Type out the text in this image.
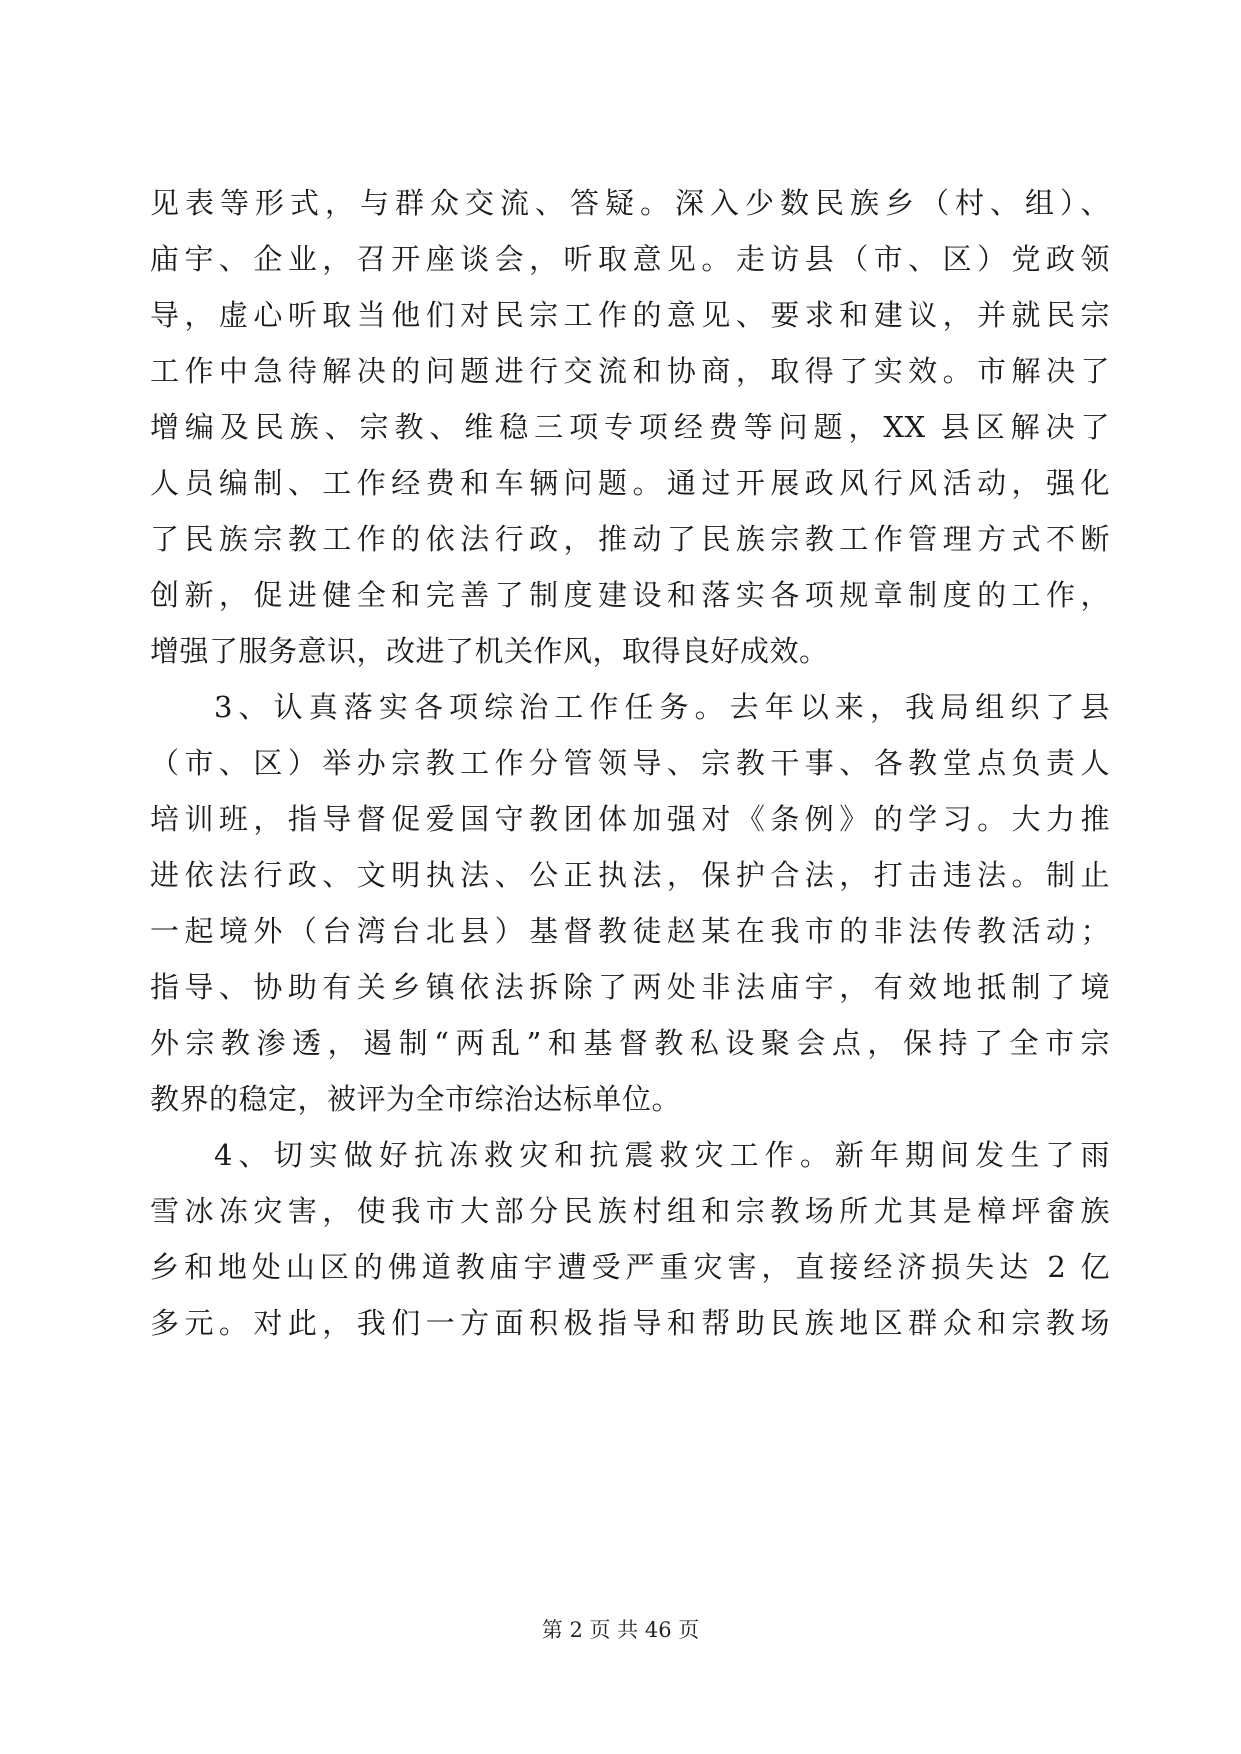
见表等形式，与群众交流、答疑。深入少数民族乡（村、组）、
庙宇、企业，召开座谈会，听取意见。走访县（市、区）党政领
导，虚心听取当他们对民宗工作的意见、要求和建议，并就民宗
工作中急待解决的问题进行交流和协商，取得了实效。市解决了
增编及民族、宗教、维稳三项专项经费等问题，XX 县区解决了
人员编制、工作经费和车辆问题。通过开展政风行风活动，强化
了民族宗教工作的依法行政，推动了民族宗教工作管理方式不断
创新，促进健全和完善了制度建设和落实各项规章制度的工作，
增强了服务意识，改进了机关作风，取得良好成效。
3、认真落实各项综治工作任务。去年以来，我局组织了县
（市、区）举办宗教工作分管领导、宗教干事、各教堂点负责人
培训班，指导督促爱国守教团体加强对《条例》的学习。大力推
进依法行政、文明执法、公正执法，保护合法，打击违法。制止
一起境外（台湾台北县）基督教徒赵某在我市的非法传教活动；
指导、协助有关乡镇依法拆除了两处非法庙宇，有效地抵制了境
外宗教渗透，遏制“两乱”和基督教私设聚会点，保持了全市宗
教界的稳定，被评为全市综治达标单位。
4、切实做好抗冻救灾和抗震救灾工作。新年期间发生了雨
雪冰冻灾害，使我市大部分民族村组和宗教场所尤其是樟坪畲族
乡和地处山区的佛道教庙宇遭受严重灾害，直接经济损失达 2 亿
多元。对此，我们一方面积极指导和帮助民族地区群众和宗教场
第 2 页 共 46 页
